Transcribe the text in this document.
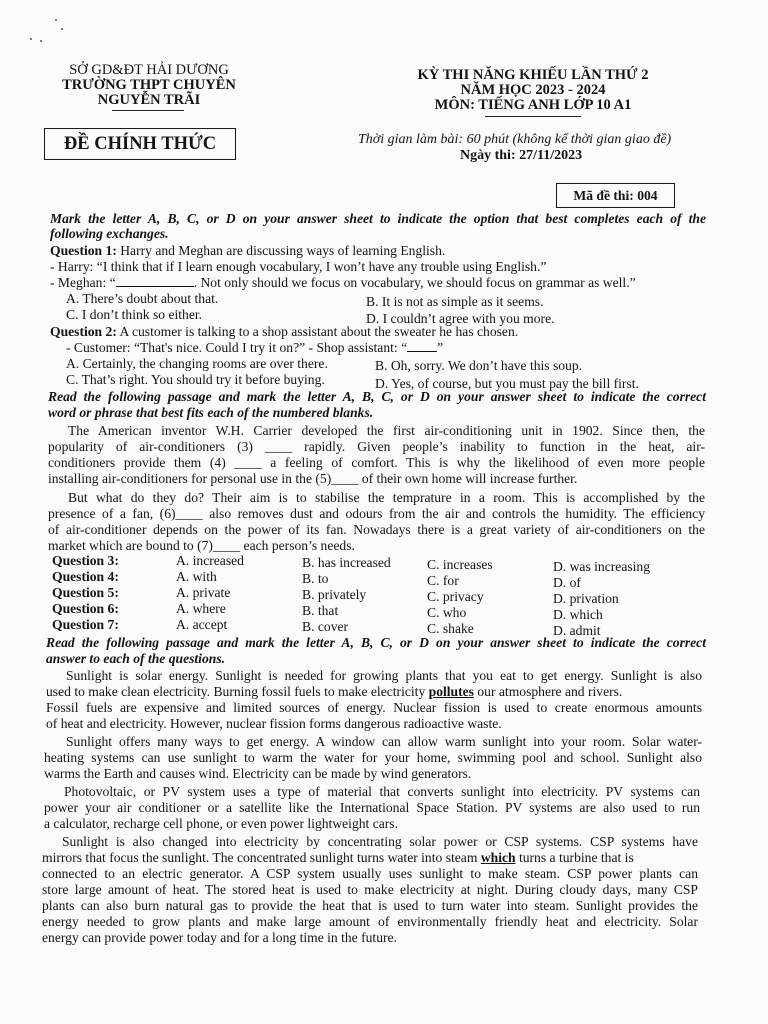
SỞ GD&ĐT HẢI DƯƠNG
TRƯỜNG THPT CHUYÊN
NGUYỄN TRÃI
ĐỀ CHÍNH THỨC
KỲ THI NĂNG KHIẾU LẦN THỨ 2
NĂM HỌC 2023 - 2024
MÔN: TIẾNG ANH LỚP 10 A1
Thời gian làm bài: 60 phút (không kể thời gian giao đề)
Ngày thi: 27/11/2023
Mã đề thi: 004
Mark the letter A, B, C, or D on your answer sheet to indicate the option that best completes each of the
following exchanges.
Question 1: Harry and Meghan are discussing ways of learning English.
- Harry: “I think that if I learn enough vocabulary, I won’t have any trouble using English.”
- Meghan: “	. Not only should we focus on vocabulary, we should focus on grammar as well.”
A. There’s doubt about that.	B. It is not as simple as it seems.
C. I don’t think so either.	D. I couldn’t agree with you more.
Question 2: A customer is talking to a shop assistant about the sweater he has chosen.
- Customer: “That's nice. Could I try it on?” - Shop assistant: “ ”
A. Certainly, the changing rooms are over there.	B. Oh, sorry. We don’t have this soup.
C. That’s right. You should try it before buying.	D. Yes, of course, but you must pay the bill first.
Read the following passage and mark the letter A, B, C, or D on your answer sheet to indicate the correct
word or phrase that best fits each of the numbered blanks.
The American inventor W.H. Carrier developed the first air-conditioning unit in 1902. Since then, the
popularity of air-conditioners (3) ____ rapidly. Given people’s inability to function in the heat, air-
conditioners provide them (4) ____ a feeling of comfort. This is why the likelihood of even more people
installing air-conditioners for personal use in the (5)____ of their own home will increase further.
But what do they do? Their aim is to stabilise the temprature in a room. This is accomplished by the
presence of a fan, (6)____ also removes dust and odours from the air and controls the humidity. The efficiency
of air-conditioner depends on the power of its fan. Nowadays there is a great variety of air-conditioners on the
market which are bound to (7)____ each person’s needs.
Question 3:	A. increased	B. has increased	C. increases	D. was increasing
Question 4:	A. with	B. to	C. for	D. of
Question 5:	A. private	B. privately	C. privacy	D. privation
Question 6:	A. where	B. that	C. who	D. which
Question 7:	A. accept	B. cover	C. shake	D. admit
Read the following passage and mark the letter A, B, C, or D on your answer sheet to indicate the correct
answer to each of the questions.
Sunlight is solar energy. Sunlight is needed for growing plants that you eat to get energy. Sunlight is also
used to make clean electricity. Burning fossil fuels to make electricity pollutes our atmosphere and rivers.
Fossil fuels are expensive and limited sources of energy. Nuclear fission is used to create enormous amounts
of heat and electricity. However, nuclear fission forms dangerous radioactive waste.
Sunlight offers many ways to get energy. A window can allow warm sunlight into your room. Solar water-
heating systems can use sunlight to warm the water for your home, swimming pool and school. Sunlight also
warms the Earth and causes wind. Electricity can be made by wind generators.
Photovoltaic, or PV system uses a type of material that converts sunlight into electricity. PV systems can
power your air conditioner or a satellite like the International Space Station. PV systems are also used to run
a calculator, recharge cell phone, or even power lightweight cars.
Sunlight is also changed into electricity by concentrating solar power or CSP systems. CSP systems have
mirrors that focus the sunlight. The concentrated sunlight turns water into steam which turns a turbine that is
connected to an electric generator. A CSP system usually uses sunlight to make steam. CSP power plants can
store large amount of heat. The stored heat is used to make electricity at night. During cloudy days, many CSP
plants can also burn natural gas to provide the heat that is used to turn water into steam. Sunlight provides the
energy needed to grow plants and make large amount of environmentally friendly heat and electricity. Solar
energy can provide power today and for a long time in the future.
